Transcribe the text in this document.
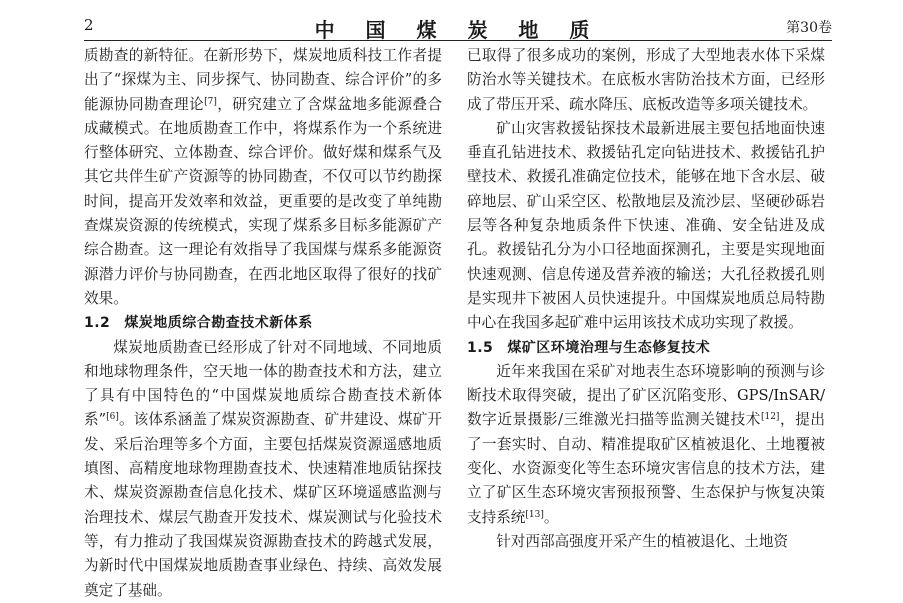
2	中 国 煤 炭 地 质	第30卷

质勘查的新特征。在新形势下，煤炭地质科技工作者提出了“探煤为主、同步探气、协同勘查、综合评价”的多能源协同勘查理论[7]，研究建立了含煤盆地多能源叠合成藏模式。在地质勘查工作中，将煤系作为一个系统进行整体研究、立体勘查、综合评价。做好煤和煤系气及其它共伴生矿产资源等的协同勘查，不仅可以节约勘探时间，提高开发效率和效益，更重要的是改变了单纯勘查煤炭资源的传统模式，实现了煤系多目标多能源矿产综合勘查。这一理论有效指导了我国煤与煤系多能源资源潜力评价与协同勘查，在西北地区取得了很好的找矿效果。

1.2 煤炭地质综合勘查技术新体系

煤炭地质勘查已经形成了针对不同地域、不同地质和地球物理条件，空天地一体的勘查技术和方法，建立了具有中国特色的“中国煤炭地质综合勘查技术新体系”[6]。该体系涵盖了煤炭资源勘查、矿井建设、煤矿开发、采后治理等多个方面，主要包括煤炭资源遥感地质填图、高精度地球物理勘查技术、快速精准地质钻探技术、煤炭资源勘查信息化技术、煤矿区环境遥感监测与治理技术、煤层气勘查开发技术、煤炭测试与化验技术等，有力推动了我国煤炭资源勘查技术的跨越式发展，为新时代中国煤炭地质勘查事业绿色、持续、高效发展奠定了基础。

已取得了很多成功的案例，形成了大型地表水体下采煤防治水等关键技术。在底板水害防治技术方面，已经形成了带压开采、疏水降压、底板改造等多项关键技术。

矿山灾害救援钻探技术最新进展主要包括地面快速垂直孔钻进技术、救援钻孔定向钻进技术、救援钻孔护壁技术、救援孔准确定位技术，能够在地下含水层、破碎地层、矿山采空区、松散地层及流沙层、坚硬砂砾岩层等各种复杂地质条件下快速、准确、安全钻进及成孔。救援钻孔分为小口径地面探测孔，主要是实现地面快速观测、信息传递及营养液的输送；大孔径救援孔则是实现井下被困人员快速提升。中国煤炭地质总局特勘中心在我国多起矿难中运用该技术成功实现了救援。

1.5 煤矿区环境治理与生态修复技术

近年来我国在采矿对地表生态环境影响的预测与诊断技术取得突破，提出了矿区沉陷变形、GPS/InSAR/数字近景摄影/三维激光扫描等监测关键技术[12]，提出了一套实时、自动、精准提取矿区植被退化、土地覆被变化、水资源变化等生态环境灾害信息的技术方法，建立了矿区生态环境灾害预报预警、生态保护与恢复决策支持系统[13]。

针对西部高强度开采产生的植被退化、土地资
